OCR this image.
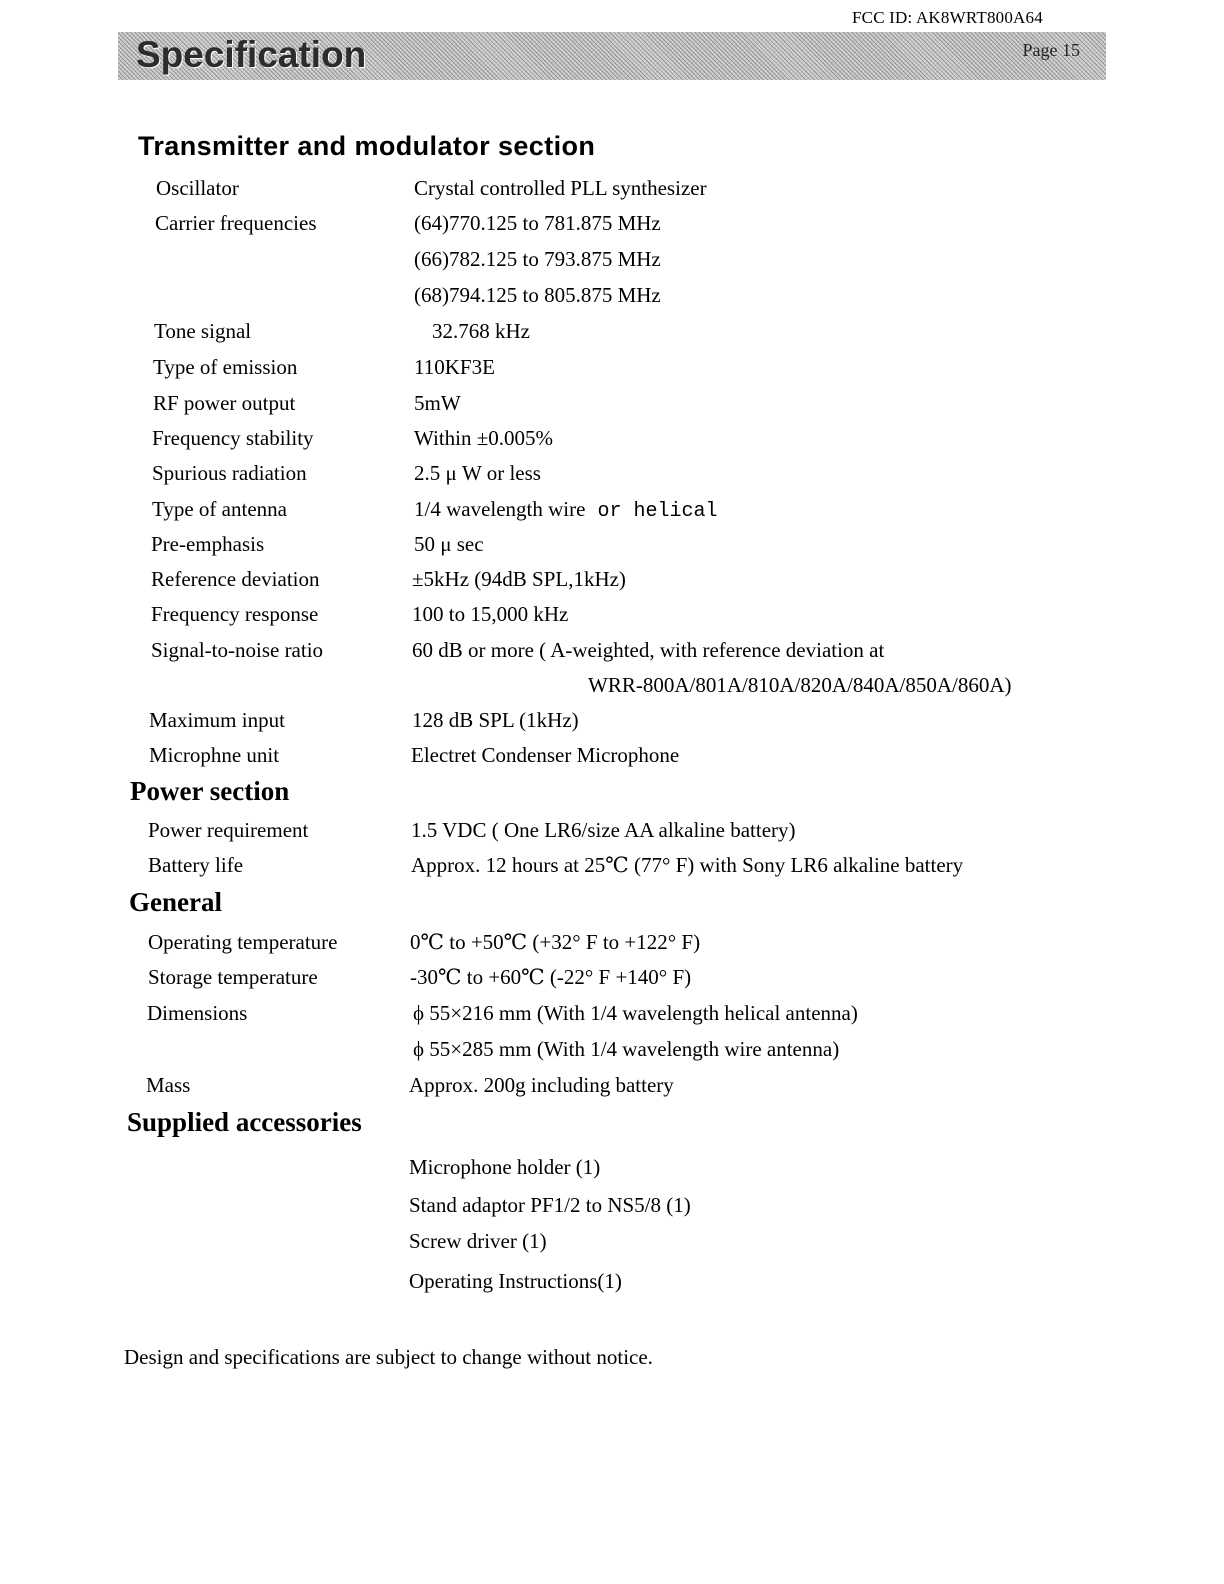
FCC ID: AK8WRT800A64
Specification	Page 15
Transmitter and modulator section
Oscillator	Crystal controlled PLL synthesizer
Carrier frequencies	(64)770.125 to 781.875 MHz
(66)782.125 to 793.875 MHz
(68)794.125 to 805.875 MHz
Tone signal	32.768 kHz
Type of emission	110KF3E
RF power output	5mW
Frequency stability	Within ±0.005%
Spurious radiation	2.5 μ W or less
Type of antenna	1/4 wavelength wire or helical
Pre-emphasis	50 μ sec
Reference deviation	±5kHz (94dB SPL,1kHz)
Frequency response	100 to 15,000 kHz
Signal-to-noise ratio	60 dB or more ( A-weighted, with reference deviation at
WRR-800A/801A/810A/820A/840A/850A/860A)
Maximum input	128 dB SPL (1kHz)
Microphne unit	Electret Condenser Microphone
Power section
Power requirement	1.5 VDC ( One LR6/size AA alkaline battery)
Battery life	Approx. 12 hours at 25℃ (77° F) with Sony LR6 alkaline battery
General
Operating temperature	0℃ to +50℃ (+32° F to +122° F)
Storage temperature	-30℃ to +60℃ (-22° F +140° F)
Dimensions	ϕ 55×216 mm (With 1/4 wavelength helical antenna)
ϕ 55×285 mm (With 1/4 wavelength wire antenna)
Mass	Approx. 200g including battery
Supplied accessories
Microphone holder (1)
Stand adaptor PF1/2 to NS5/8 (1)
Screw driver (1)
Operating Instructions(1)
Design and specifications are subject to change without notice.
